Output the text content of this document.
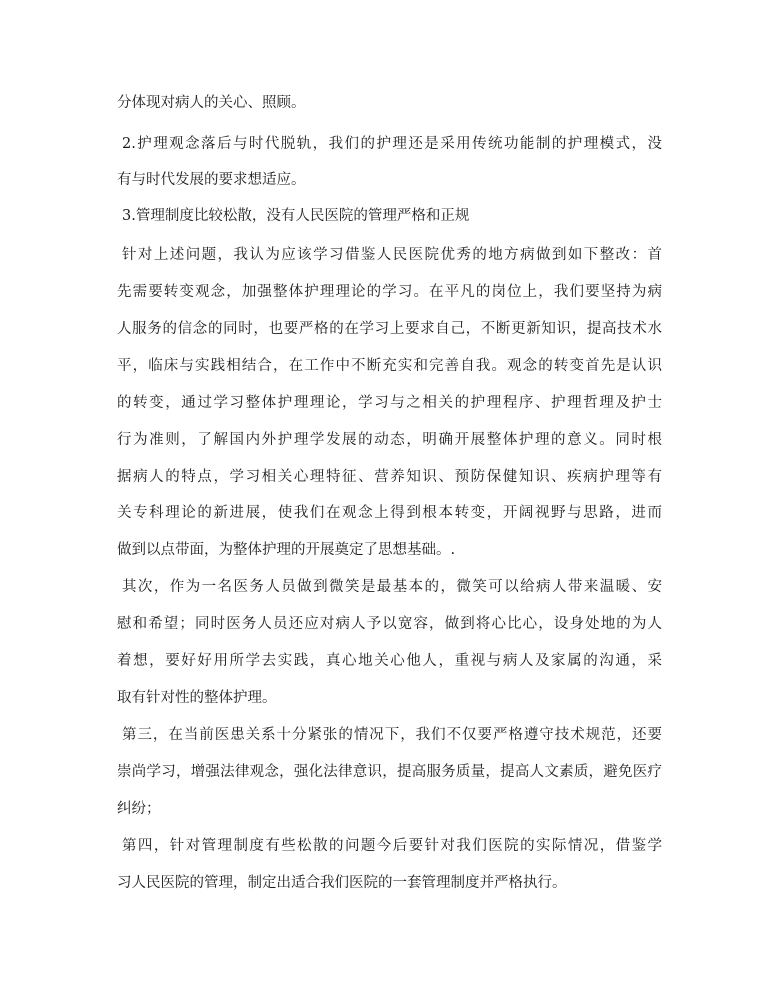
分体现对病人的关心、照顾。
2.护理观念落后与时代脱轨，我们的护理还是采用传统功能制的护理模式，没
有与时代发展的要求想适应。
3.管理制度比较松散，没有人民医院的管理严格和正规
针对上述问题，我认为应该学习借鉴人民医院优秀的地方病做到如下整改：首
先需要转变观念，加强整体护理理论的学习。在平凡的岗位上，我们要坚持为病
人服务的信念的同时，也要严格的在学习上要求自己，不断更新知识，提高技术水
平，临床与实践相结合，在工作中不断充实和完善自我。观念的转变首先是认识
的转变，通过学习整体护理理论，学习与之相关的护理程序、护理哲理及护士
行为准则，了解国内外护理学发展的动态，明确开展整体护理的意义。同时根
据病人的特点，学习相关心理特征、营养知识、预防保健知识、疾病护理等有
关专科理论的新进展，使我们在观念上得到根本转变，开阔视野与思路，进而
做到以点带面，为整体护理的开展奠定了思想基础。.
其次，作为一名医务人员做到微笑是最基本的，微笑可以给病人带来温暖、安
慰和希望；同时医务人员还应对病人予以宽容，做到将心比心，设身处地的为人
着想，要好好用所学去实践，真心地关心他人，重视与病人及家属的沟通，采
取有针对性的整体护理。
第三，在当前医患关系十分紧张的情况下，我们不仅要严格遵守技术规范，还要
崇尚学习，增强法律观念，强化法律意识，提高服务质量，提高人文素质，避免医疗
纠纷；
第四，针对管理制度有些松散的问题今后要针对我们医院的实际情况，借鉴学
习人民医院的管理，制定出适合我们医院的一套管理制度并严格执行。
